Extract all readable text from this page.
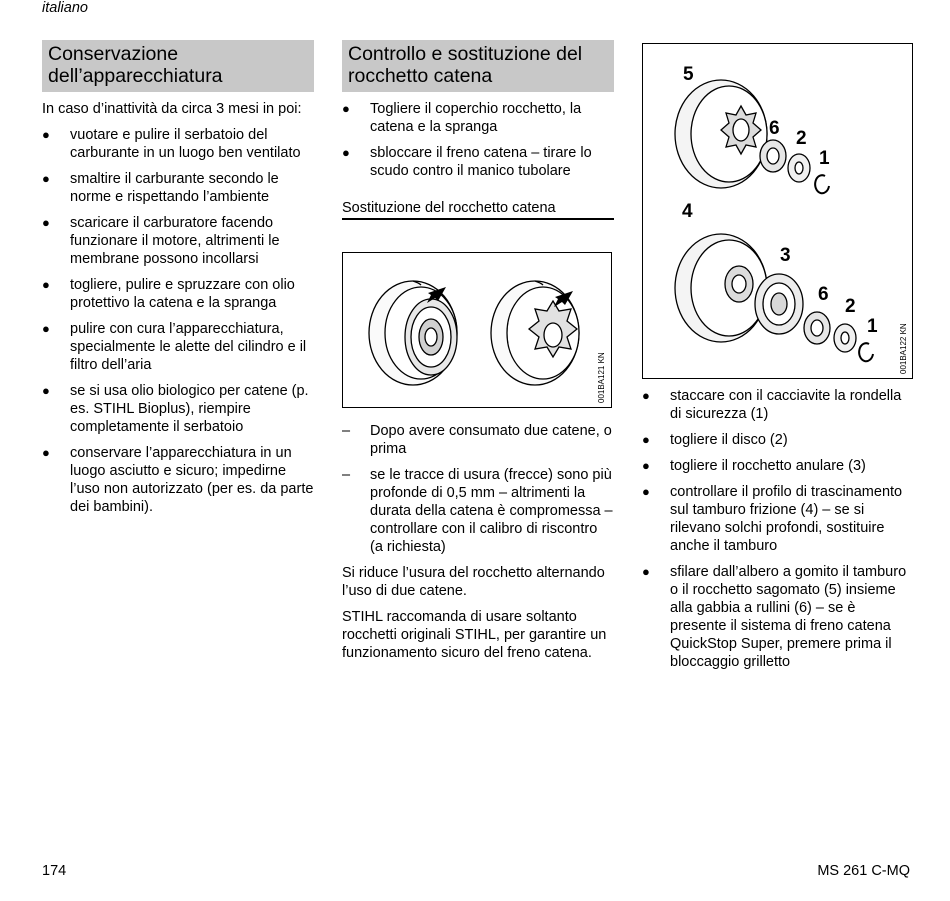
italiano
Conservazione dell’apparecchiatura
In caso d’inattività da circa 3 mesi in poi:
● vuotare e pulire il serbatoio del carburante in un luogo ben ventilato
● smaltire il carburante secondo le norme e rispettando l’ambiente
● scaricare il carburatore facendo funzionare il motore, altrimenti le membrane possono incollarsi
● togliere, pulire e spruzzare con olio protettivo la catena e la spranga
● pulire con cura l’apparecchiatura, specialmente le alette del cilindro e il filtro dell’aria
● se si usa olio biologico per catene (p. es. STIHL Bioplus), riempire completamente il serbatoio
● conservare l’apparecchiatura in un luogo asciutto e sicuro; impedirne l’uso non autorizzato (per es. da parte dei bambini).
Controllo e sostituzione del rocchetto catena
● Togliere il coperchio rocchetto, la catena e la spranga
● sbloccare il freno catena – tirare lo scudo contro il manico tubolare
Sostituzione del rocchetto catena
001BA121 KN
– Dopo avere consumato due catene, o prima
– se le tracce di usura (frecce) sono più profonde di 0,5 mm – altrimenti la durata della catena è compromessa – controllare con il calibro di riscontro (a richiesta)
Si riduce l’usura del rocchetto alternando l’uso di due catene.
STIHL raccomanda di usare soltanto rocchetti originali STIHL, per garantire un funzionamento sicuro del freno catena.
5
6 2
1
4
3
6
2
1	001BA122 KN
● staccare con il cacciavite la rondella di sicurezza (1)
● togliere il disco (2)
● togliere il rocchetto anulare (3)
● controllare il profilo di trascinamento sul tamburo frizione (4) – se si rilevano solchi profondi, sostituire anche il tamburo
● sfilare dall’albero a gomito il tamburo o il rocchetto sagomato (5) insieme alla gabbia a rullini (6) – se è presente il sistema di freno catena QuickStop Super, premere prima il bloccaggio grilletto
174	MS 261 C-MQ
